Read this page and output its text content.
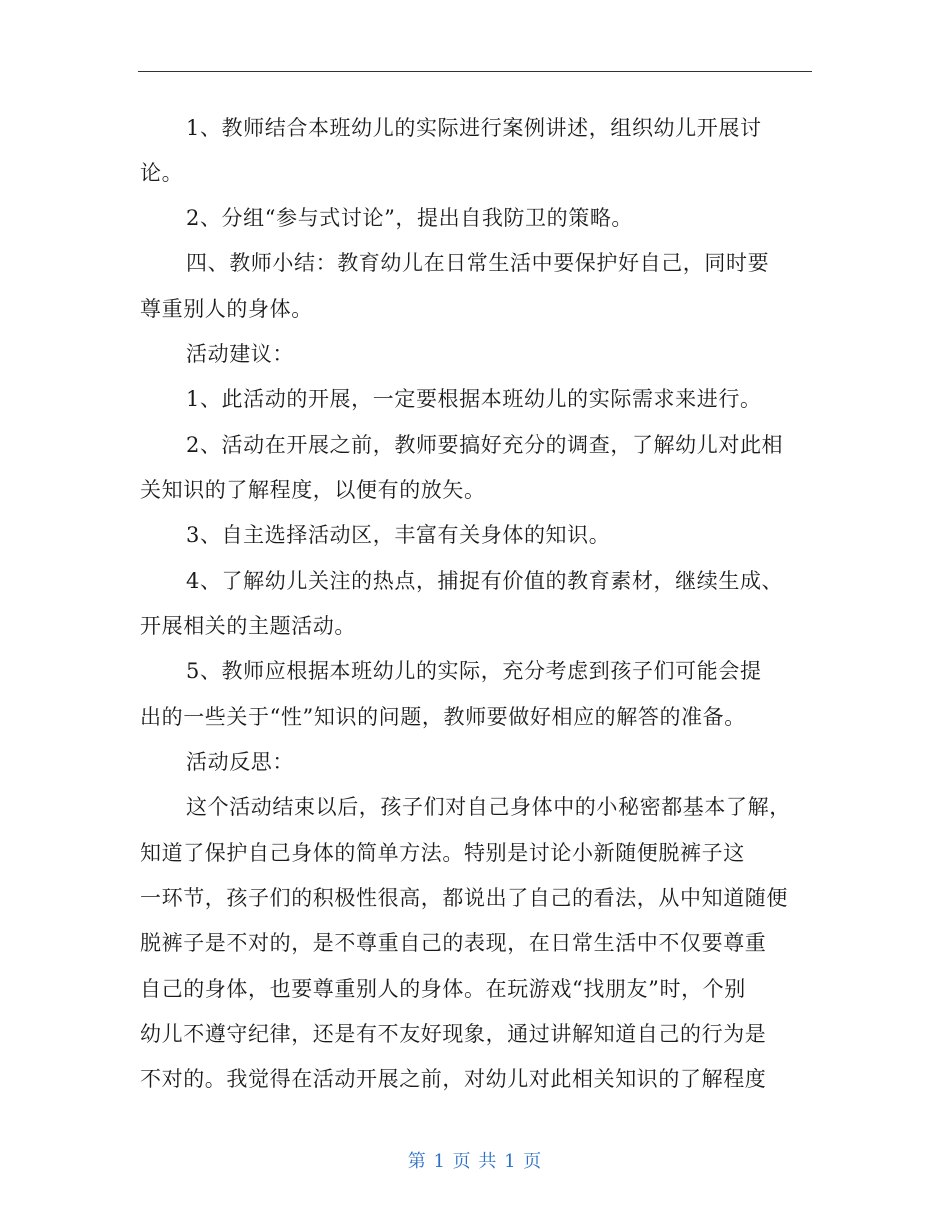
1、教师结合本班幼儿的实际进行案例讲述，组织幼儿开展讨
论。
2、分组“参与式讨论”，提出自我防卫的策略。
四、教师小结：教育幼儿在日常生活中要保护好自己，同时要
尊重别人的身体。
活动建议：
1、此活动的开展，一定要根据本班幼儿的实际需求来进行。
2、活动在开展之前，教师要搞好充分的调查，了解幼儿对此相
关知识的了解程度，以便有的放矢。
3、自主选择活动区，丰富有关身体的知识。
4、了解幼儿关注的热点，捕捉有价值的教育素材，继续生成、
开展相关的主题活动。
5、教师应根据本班幼儿的实际，充分考虑到孩子们可能会提
出的一些关于“性”知识的问题，教师要做好相应的解答的准备。
活动反思：
这个活动结束以后，孩子们对自己身体中的小秘密都基本了解，
知道了保护自己身体的简单方法。特别是讨论小新随便脱裤子这
一环节，孩子们的积极性很高，都说出了自己的看法，从中知道随便
脱裤子是不对的，是不尊重自己的表现，在日常生活中不仅要尊重
自己的身体，也要尊重别人的身体。在玩游戏“找朋友”时，个别
幼儿不遵守纪律，还是有不友好现象，通过讲解知道自己的行为是
不对的。我觉得在活动开展之前，对幼儿对此相关知识的了解程度
第 1 页 共 1 页
